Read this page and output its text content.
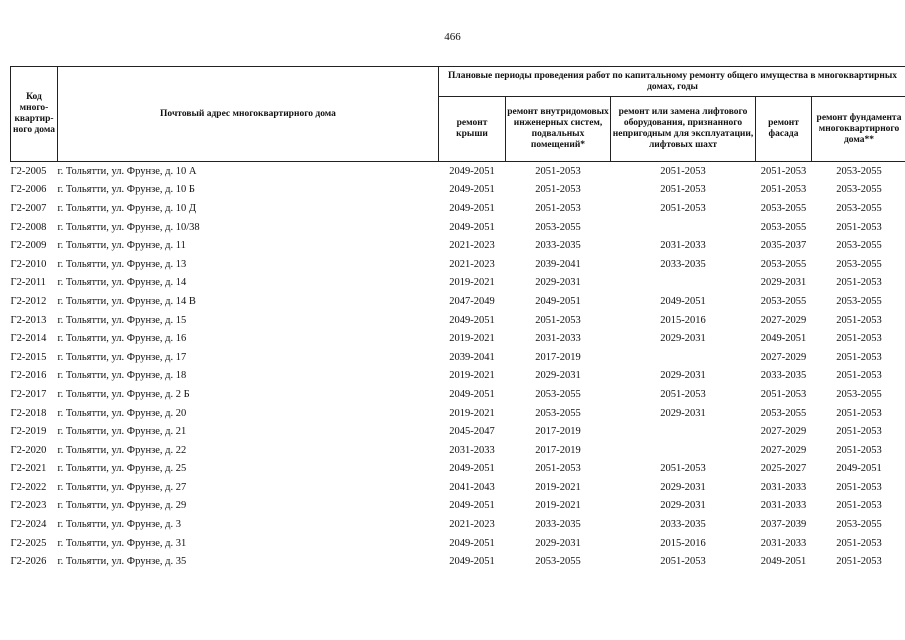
466
Код много-квартир-ного дома	Почтовый адрес многоквартирного дома	Плановые периоды проведения работ по капитальному ремонту общего имущества в многоквартирных домах, годы				
		ремонт крыши	ремонт внутридомовых инженерных систем, подвальных помещений*	ремонт или замена лифтового оборудования, признанного непригодным для эксплуатации, лифтовых шахт	ремонт фасада	ремонт фундамента многоквартирного дома**
Г2-2005	г. Тольятти, ул. Фрунзе, д. 10 А	2049-2051	2051-2053	2051-2053	2051-2053	2053-2055
Г2-2006	г. Тольятти, ул. Фрунзе, д. 10 Б	2049-2051	2051-2053	2051-2053	2051-2053	2053-2055
Г2-2007	г. Тольятти, ул. Фрунзе, д. 10 Д	2049-2051	2051-2053	2051-2053	2053-2055	2053-2055
Г2-2008	г. Тольятти, ул. Фрунзе, д. 10/38	2049-2051	2053-2055		2053-2055	2051-2053
Г2-2009	г. Тольятти, ул. Фрунзе, д. 11	2021-2023	2033-2035	2031-2033	2035-2037	2053-2055
Г2-2010	г. Тольятти, ул. Фрунзе, д. 13	2021-2023	2039-2041	2033-2035	2053-2055	2053-2055
Г2-2011	г. Тольятти, ул. Фрунзе, д. 14	2019-2021	2029-2031		2029-2031	2051-2053
Г2-2012	г. Тольятти, ул. Фрунзе, д. 14 В	2047-2049	2049-2051	2049-2051	2053-2055	2053-2055
Г2-2013	г. Тольятти, ул. Фрунзе, д. 15	2049-2051	2051-2053	2015-2016	2027-2029	2051-2053
Г2-2014	г. Тольятти, ул. Фрунзе, д. 16	2019-2021	2031-2033	2029-2031	2049-2051	2051-2053
Г2-2015	г. Тольятти, ул. Фрунзе, д. 17	2039-2041	2017-2019		2027-2029	2051-2053
Г2-2016	г. Тольятти, ул. Фрунзе, д. 18	2019-2021	2029-2031	2029-2031	2033-2035	2051-2053
Г2-2017	г. Тольятти, ул. Фрунзе, д. 2 Б	2049-2051	2053-2055	2051-2053	2051-2053	2053-2055
Г2-2018	г. Тольятти, ул. Фрунзе, д. 20	2019-2021	2053-2055	2029-2031	2053-2055	2051-2053
Г2-2019	г. Тольятти, ул. Фрунзе, д. 21	2045-2047	2017-2019		2027-2029	2051-2053
Г2-2020	г. Тольятти, ул. Фрунзе, д. 22	2031-2033	2017-2019		2027-2029	2051-2053
Г2-2021	г. Тольятти, ул. Фрунзе, д. 25	2049-2051	2051-2053	2051-2053	2025-2027	2049-2051
Г2-2022	г. Тольятти, ул. Фрунзе, д. 27	2041-2043	2019-2021	2029-2031	2031-2033	2051-2053
Г2-2023	г. Тольятти, ул. Фрунзе, д. 29	2049-2051	2019-2021	2029-2031	2031-2033	2051-2053
Г2-2024	г. Тольятти, ул. Фрунзе, д. 3	2021-2023	2033-2035	2033-2035	2037-2039	2053-2055
Г2-2025	г. Тольятти, ул. Фрунзе, д. 31	2049-2051	2029-2031	2015-2016	2031-2033	2051-2053
Г2-2026	г. Тольятти, ул. Фрунзе, д. 35	2049-2051	2053-2055	2051-2053	2049-2051	2051-2053
